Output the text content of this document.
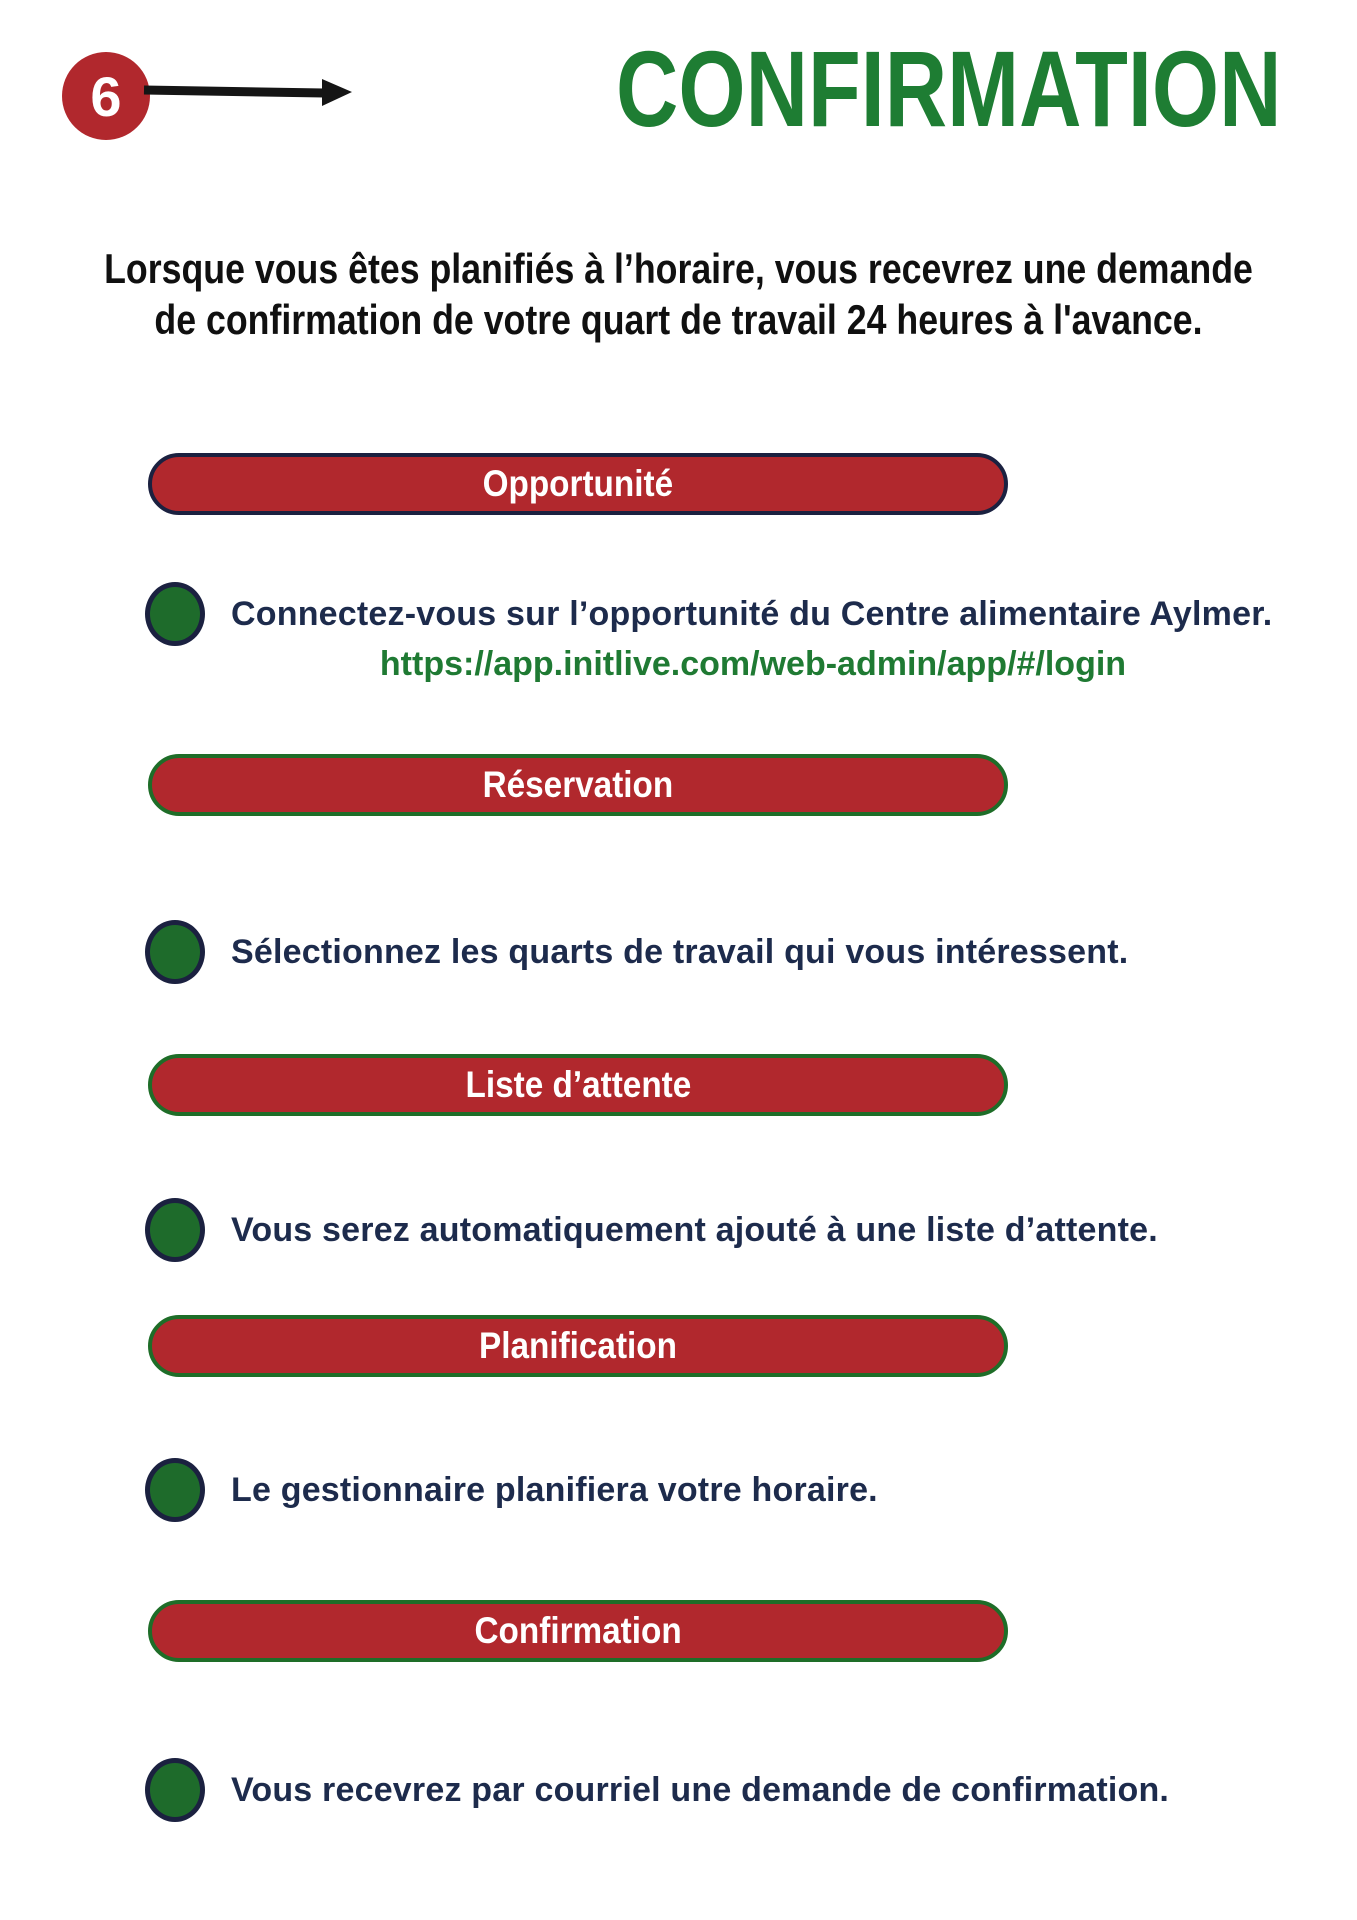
6	CONFIRMATION
Lorsque vous êtes planifiés à l’horaire, vous recevrez une demande
de confirmation de votre quart de travail 24 heures à l'avance.
Opportunité
Connectez-vous sur l’opportunité du Centre alimentaire Aylmer.
https://app.initlive.com/web-admin/app/#/login
Réservation
Sélectionnez les quarts de travail qui vous intéressent.
Liste d’attente
Vous serez automatiquement ajouté à une liste d’attente.
Planification
Le gestionnaire planifiera votre horaire.
Confirmation
Vous recevrez par courriel une demande de confirmation.
